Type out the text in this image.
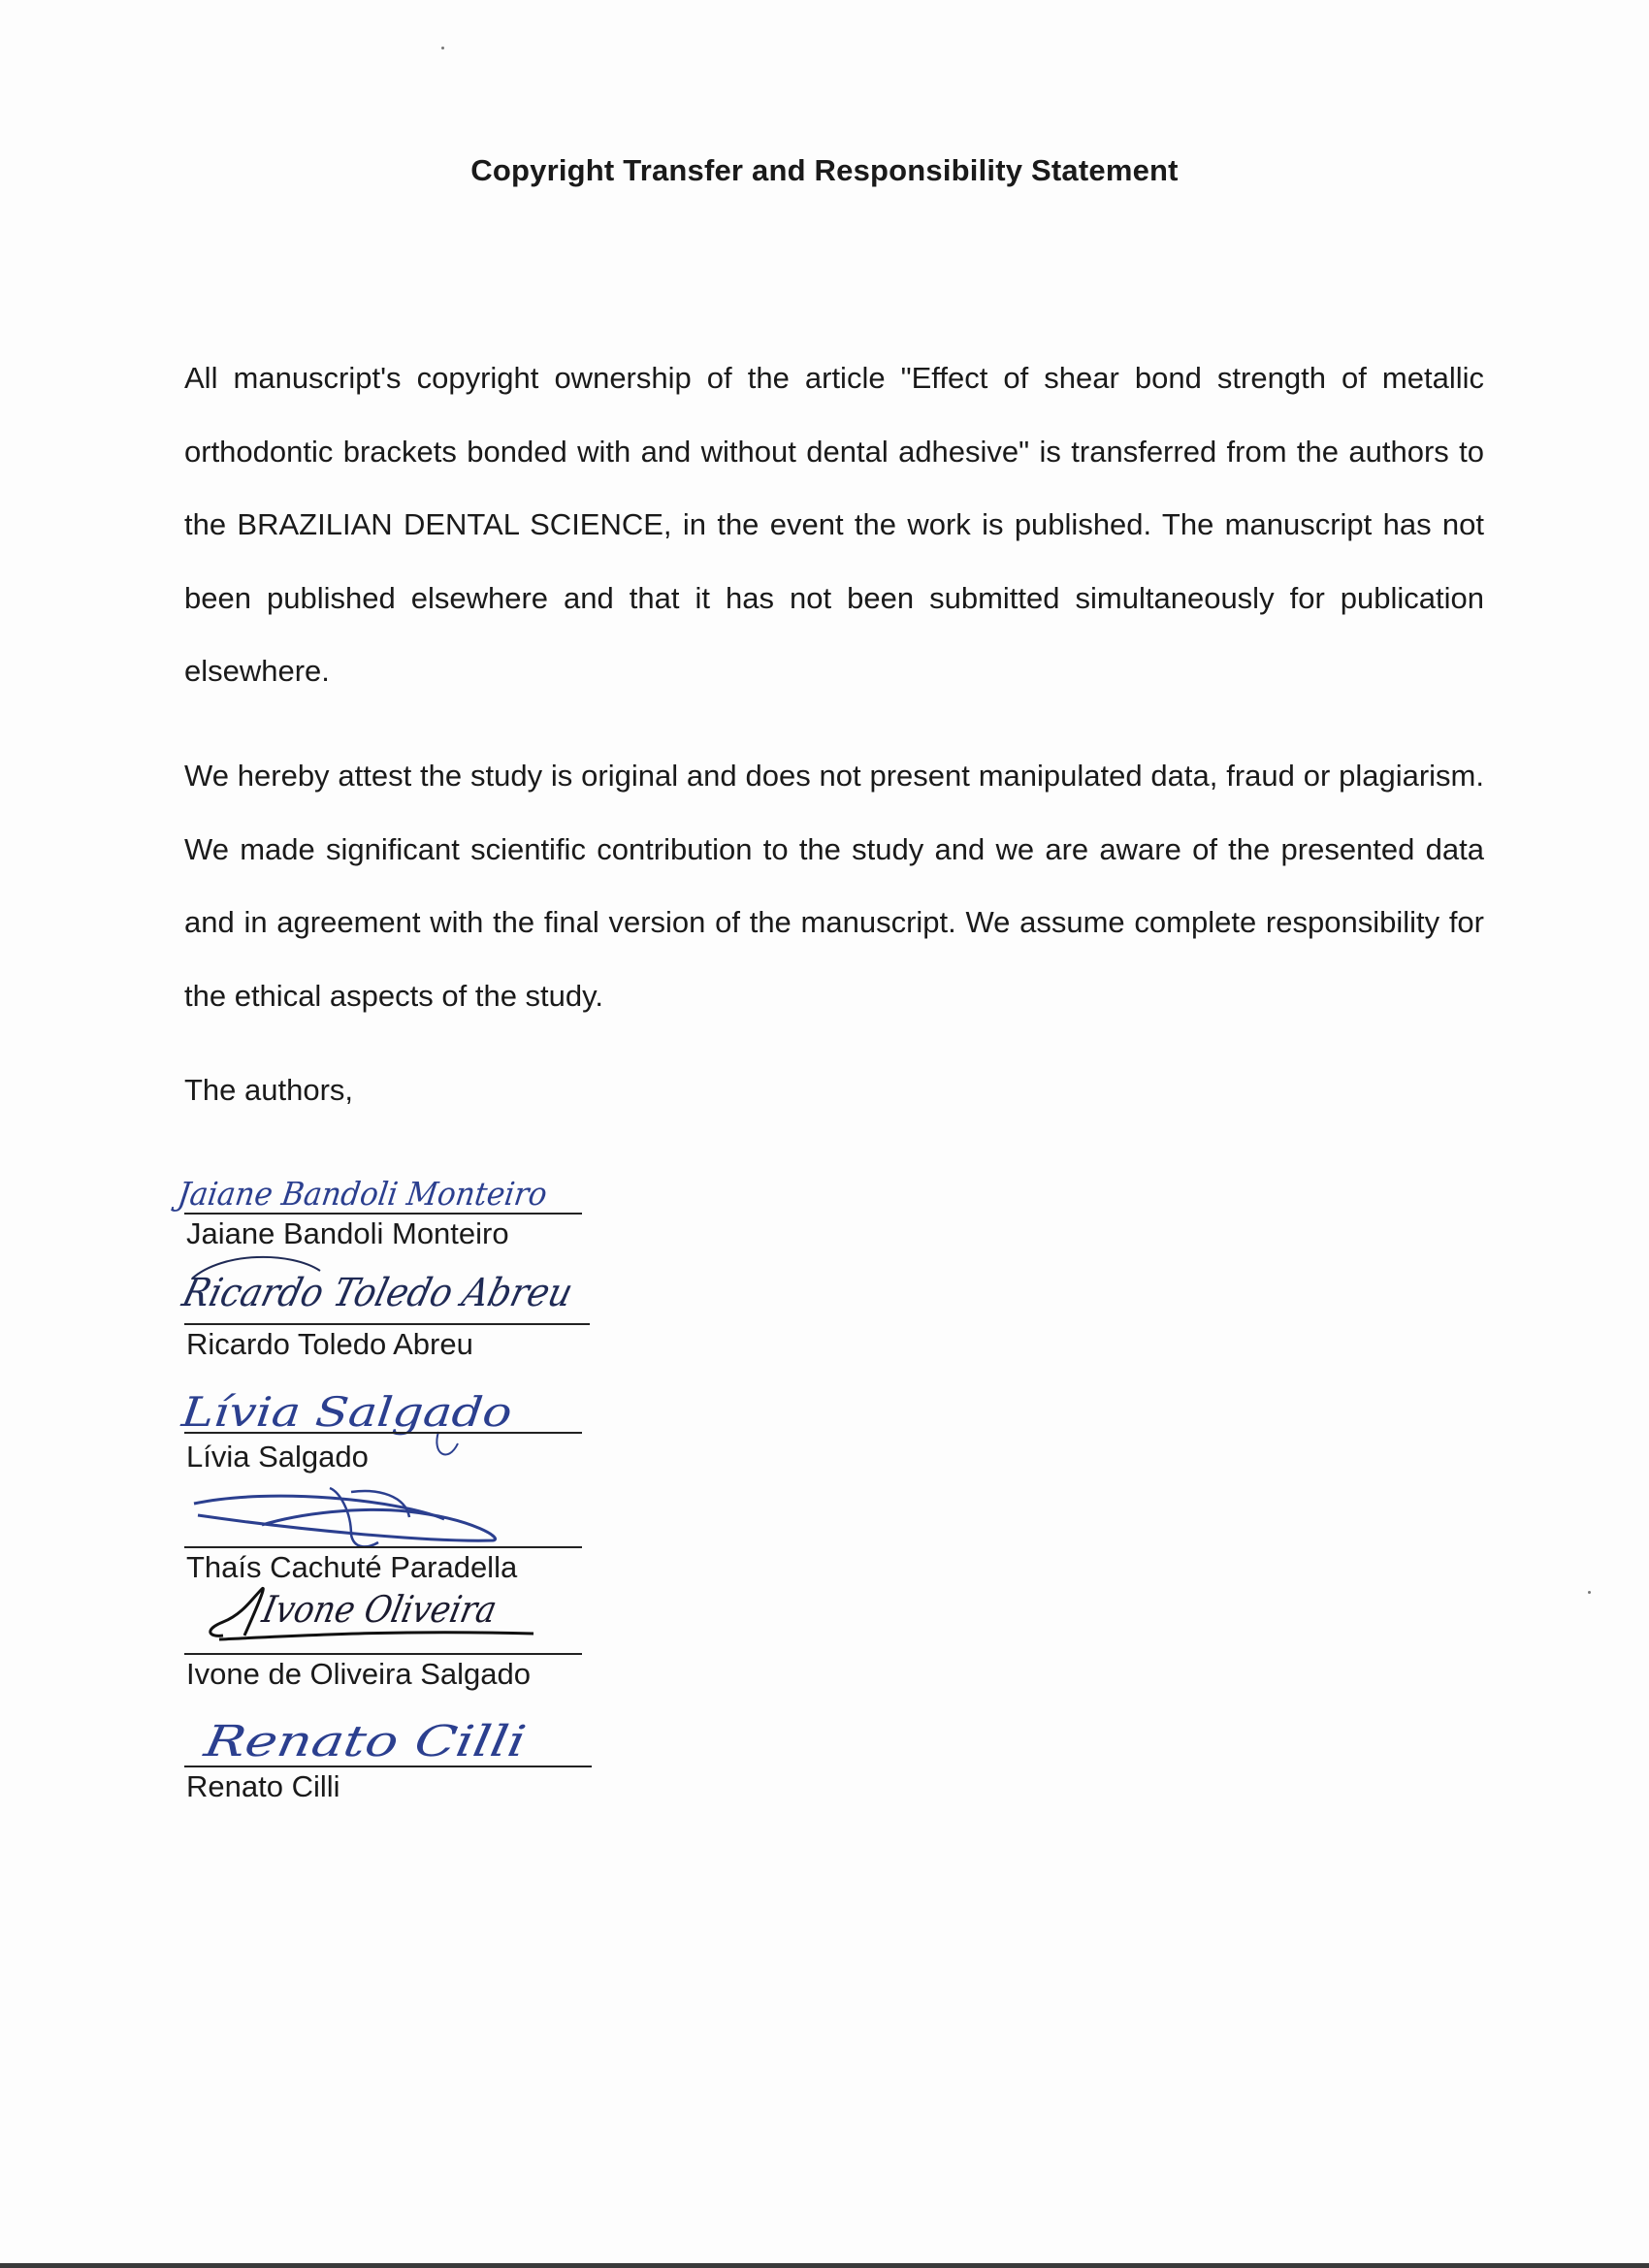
Copyright Transfer and Responsibility Statement

All manuscript's copyright ownership of the article "Effect of shear bond strength of metallic orthodontic brackets bonded with and without dental adhesive" is transferred from the authors to the BRAZILIAN DENTAL SCIENCE, in the event the work is published. The manuscript has not been published elsewhere and that it has not been submitted simultaneously for publication elsewhere.

We hereby attest the study is original and does not present manipulated data, fraud or plagiarism. We made significant scientific contribution to the study and we are aware of the presented data and in agreement with the final version of the manuscript. We assume complete responsibility for the ethical aspects of the study.

The authors,
Jaiane Bandoli Monteiro
Jaiane Bandoli Monteiro
Ricardo Toledo Abreu
Ricardo Toledo Abreu
Lívia Salgado
Lívia Salgado
Thaís Cachuté Paradella
Ivone Oliveira
Ivone de Oliveira Salgado
Renato Cilli
Renato Cilli
